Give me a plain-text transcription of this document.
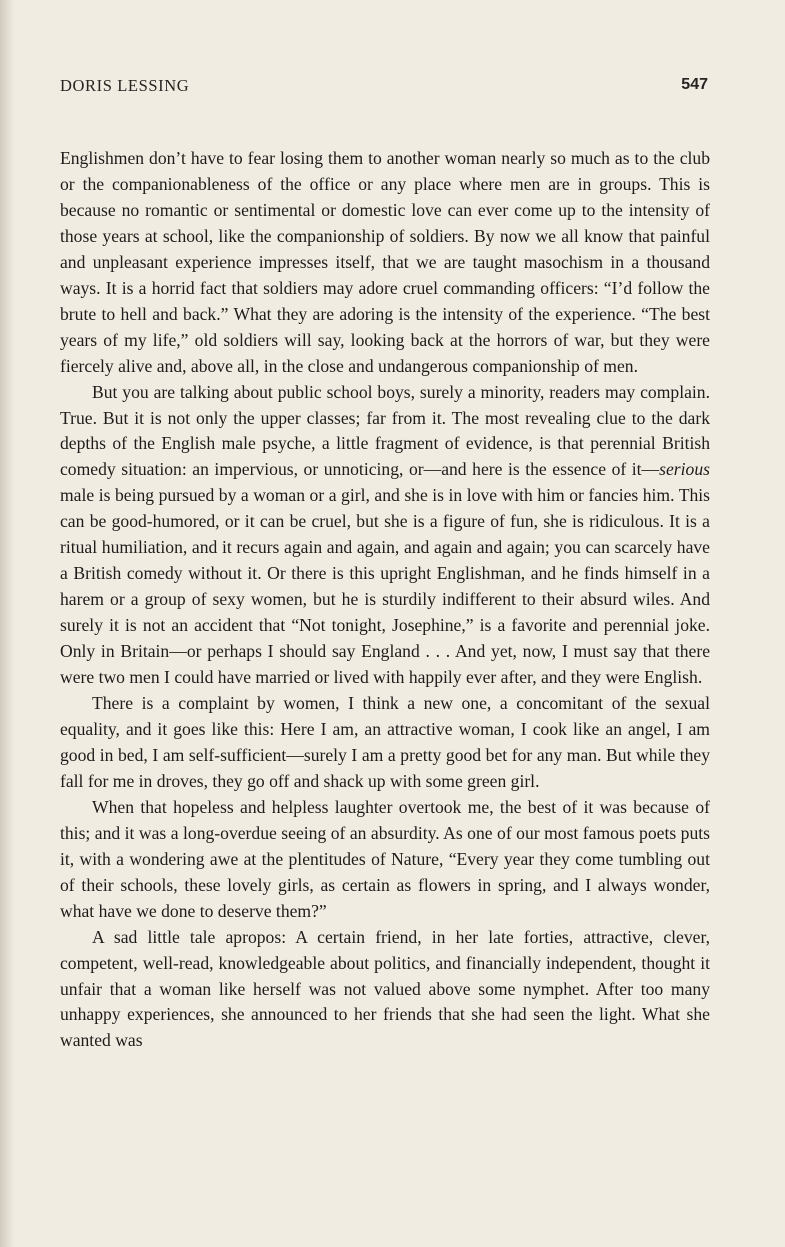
DORIS LESSING	547

Englishmen don’t have to fear losing them to another woman nearly so much as to the club or the companionableness of the office or any place where men are in groups. This is because no romantic or sentimental or domestic love can ever come up to the intensity of those years at school, like the companionship of soldiers. By now we all know that painful and unpleasant experience impresses itself, that we are taught masochism in a thousand ways. It is a horrid fact that soldiers may adore cruel commanding officers: “I’d follow the brute to hell and back.” What they are adoring is the intensity of the experience. “The best years of my life,” old soldiers will say, looking back at the horrors of war, but they were fiercely alive and, above all, in the close and undangerous companionship of men.

But you are talking about public school boys, surely a minority, readers may complain. True. But it is not only the upper classes; far from it. The most revealing clue to the dark depths of the English male psyche, a little fragment of evidence, is that perennial British comedy situation: an impervious, or unnoticing, or—and here is the essence of it—serious male is being pursued by a woman or a girl, and she is in love with him or fancies him. This can be good-humored, or it can be cruel, but she is a figure of fun, she is ridiculous. It is a ritual humiliation, and it recurs again and again, and again and again; you can scarcely have a British comedy without it. Or there is this upright Englishman, and he finds himself in a harem or a group of sexy women, but he is sturdily indifferent to their absurd wiles. And surely it is not an accident that “Not tonight, Josephine,” is a favorite and perennial joke. Only in Britain—or perhaps I should say England . . . And yet, now, I must say that there were two men I could have married or lived with happily ever after, and they were English.

There is a complaint by women, I think a new one, a concomitant of the sexual equality, and it goes like this: Here I am, an attractive woman, I cook like an angel, I am good in bed, I am self-sufficient—surely I am a pretty good bet for any man. But while they fall for me in droves, they go off and shack up with some green girl.

When that hopeless and helpless laughter overtook me, the best of it was because of this; and it was a long-overdue seeing of an absurdity. As one of our most famous poets puts it, with a wondering awe at the plentitudes of Nature, “Every year they come tumbling out of their schools, these lovely girls, as certain as flowers in spring, and I always wonder, what have we done to deserve them?”

A sad little tale apropos: A certain friend, in her late forties, attractive, clever, competent, well-read, knowledgeable about politics, and financially independent, thought it unfair that a woman like herself was not valued above some nymphet. After too many unhappy experiences, she announced to her friends that she had seen the light. What she wanted was
